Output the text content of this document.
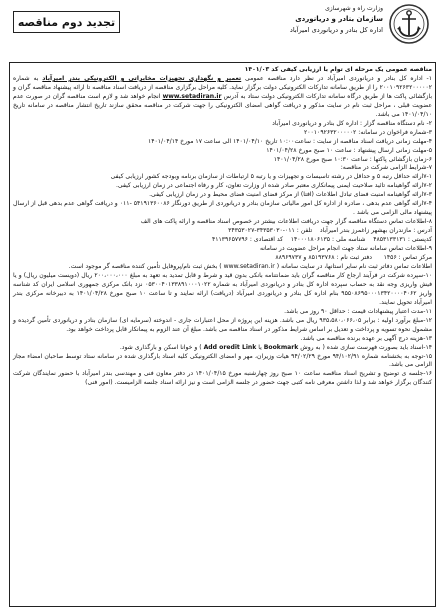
تجدید دوم مناقصه
وزارت راه و شهرسازی
سازمان بنادر و دریانوردی
اداره کل بنادر و دریانوردی امیرآباد

مناقصه عمومی یک مرحله ای توام با ارزیابی کیفی کد ۱۴۰۱/۰۳

۱- اداره کل بنادر و دریانوردی امیرآباد در نظر دارد مناقصه عمومی تعمیر و نگهداری تجهیزات مخابراتی و الکترونیکی بندر امیرآباد به شماره ۲۰۰۱۰۹۲۶۳۲۰۰۰۰۰۲ را از طریق سامانه تدارکات الکترونیکی دولت برگزار نماید. کلیه مراحل برگزاری مناقصه از دریافت اسناد مناقصه تا ارائه پیشنهاد مناقصه گران و بازگشائی پاکت ها از طریق درگاه سامانه تدارکات الکترونیکی دولت ستاد به آدرس www.setadiran.ir انجام خواهد شد و لازم است مناقصه گران در صورت عدم عضویت قبلی ، مراحل ثبت نام در سایت مذکور و دریافت گواهی امضای الکترونیکی را جهت شرکت در مناقصه محقق سازند تاریخ انتشار مناقصه در سامانه تاریخ ۱۴۰۱/۰۴/۱۰ می باشد.

۲- نام دستگاه مناقصه گزار : اداره کل بنادر و دریانوردی امیرآباد

۳-شماره فراخوان در سامانه: ۲۰۰۱۰۹۲۶۳۲۰۰۰۰۰۲

۴-مهلت زمانی دریافت اسناد مناقصه از سایت : ساعت۱۰:۰۰ تاریخ ۱۴۰۱/۰۴/۱۰ الی ساعت ۱۷ مورخ ۱۴۰۱/۰۴/۱۴

۵-مهلت زمانی ارسال پیشنهاد : ساعت ۱۰ صبح مورخ ۱۴۰۱/۰۴/۲۸

۶-زمان بازگشائی پاکتها : ساعت ۱۰:۳۰ صبح مورخ ۱۴۰۱/۰۴/۲۸

۷-شرایط الزامی شرکت در مناقصه:

۷-۱ارائه حداقل رتبه ۵ و حداقل در رشته تاسیسات و تجهیزات و یا رتبه ۵ ارتباطات از سازمان برنامه وبودجه کشور ارزیابی کیفی

۷-۲ارائه گواهینامه تائید صلاحیت ایمنی پیمانکاری معتبر صادر شده از وزارت تعاون، کار و رفاه اجتماعی در زمان ارزیابی کیفی.

۷-۳ارائه گواهینامه امنیت فضای تبادل اطلاعات (افتا) از مرکز فضای امنیت فضای محیط و در زمان ارزیابی کیفی.

۷-۴ارائه گواهی عدم بدهی ، صادره از اداره کل امور مالیاتی سازمان بنادر و دریانوردی از طریق دورنگار ۵۴۱۹۱۳۶۰۰۸۶ -۰۱۱ و دریافت گواهی عدم بدهی قبل از ارسال پیشنهاد مالی الزامی می باشد .

۸-اطلاعات تماس دستگاه مناقصه گزار جهت دریافت اطلاعات بیشتر در خصوص اسناد مناقصه و ارائه پاکت های الف

آدرس : مازندران بهشهر زاغمرز بندر امیرآباد    تلفن : ۰۱۱-۳۴۳۵۳۰۳۰-۳۴۳۵۳۰۲۷

کدپستی : ۴۸۵۳۱۳۳۱۳۱    شناسه ملی : ۱۴۰۰۰۱۸۰۶۱۳۵    کد اقتصادی : ۴۱۱۳۹۶۵۷۷۹۶

۹-اطلاعات تماس سامانه ستاد جهت انجام مراحل عضویت در سامانه

مرکز تماس : ۱۴۵۶      دفتر ثبت نام : ۸۵۱۹۳۷۶۸ و ۸۸۹۶۹۷۳۷

اطلاعات تماس دفاتر ثبت نام سایر استانها، در سایت سامانه ( www.setadiran.ir ) بخش ثبت نام/پروفایل تأمین کننده مناقصه گر موجود است.

۱۰-سپرده شرکت در فرآیند ارجاع کار مناقصه گران باید ضمانتنامه بانکی بدون قید و شرط و قابل تمدید به تعهد به مبلغ ۲۰۰،۰۰۰،۰۰۰ ریال (دویست میلیون ریال) و یا فیش واریزی وجه نقد به حساب سپرده اداره کل بنادر و دریانوردی امیرآباد به شماره ۰۵۳۰۰۴۰۱۳۳۸۹۱۰۰۰۱۰۲۲ نزد بانک مرکزی جمهوری اسلامی ایران کد شناسه واریز ۹۵۵۰۸۶۹۵۰۰۰۱۳۴۲۰۰۰۰۴۰۶۲ بنام اداره کل بنادر و دریانوردی امیرآباد (دریافت) ارائه نمایند و تا ساعت ۱۰ صبح مورخ ۱۴۰۱/۰۴/۲۸ به دبیرخانه مرکزی بندر امیرآباد تحویل نمایند.

۱۱-مدت اعتبار پیشنهادات قیمت : حداقل ۹۰ روز می باشد.

۱۲-مبلغ برآورد اولیه : برابر ۹۳۵،۵۸۰،۰۶۶،۰۵ ریال می باشد. هزینه این پروژه از محل اعتبارات جاری - اندوخته (سرمایه ای) سازمان بنادر و دریانوردی تأمین گردیده و مشمول نحوه تسویه و پرداخت و تعدیل بر اساس شرایط مذکور در اسناد مناقصه می باشد. مبلغ آن عند الزوم به پیمانکار قابل پرداخت خواهد بود.

۱۳-هزینه درج آگهی بر عهده برنده مناقصه می باشد.

۱۴-اسناد باید بصورت فهرست سازی شده ( به روش Bookmark یا Add oredit Link ) و خوانا اسکن و بارگذاری شود.

۱۵-توجه به بخشنامه شماره ۹۴/۱۰۲/۹۱ مورخ ۹۴/۰۲/۲۹ هیات وزیران، مهر و امضای الکترونیکی کلیه اسناد بارگذاری شده در سامانه ستاد توسط صاحبان امضاء مجاز الزامی می باشد.

۱۶-جلسه ی توضیح و تشریح اسناد مناقصه ساعت ۱۰ صبح روز چهارشنبه مورخ ۱۴۰۱/۰۴/۱۵ در دفتر معاون فنی و مهندسی بندر امیرآباد با حضور نمایندگان شرکت کنندگان برگزار خواهد شد و لذا داشتن معرفی نامه کتبی جهت حضور در جلسه الزامی است و نیز ارائه اسناد جلسه الزامیست. (امور فنی)
